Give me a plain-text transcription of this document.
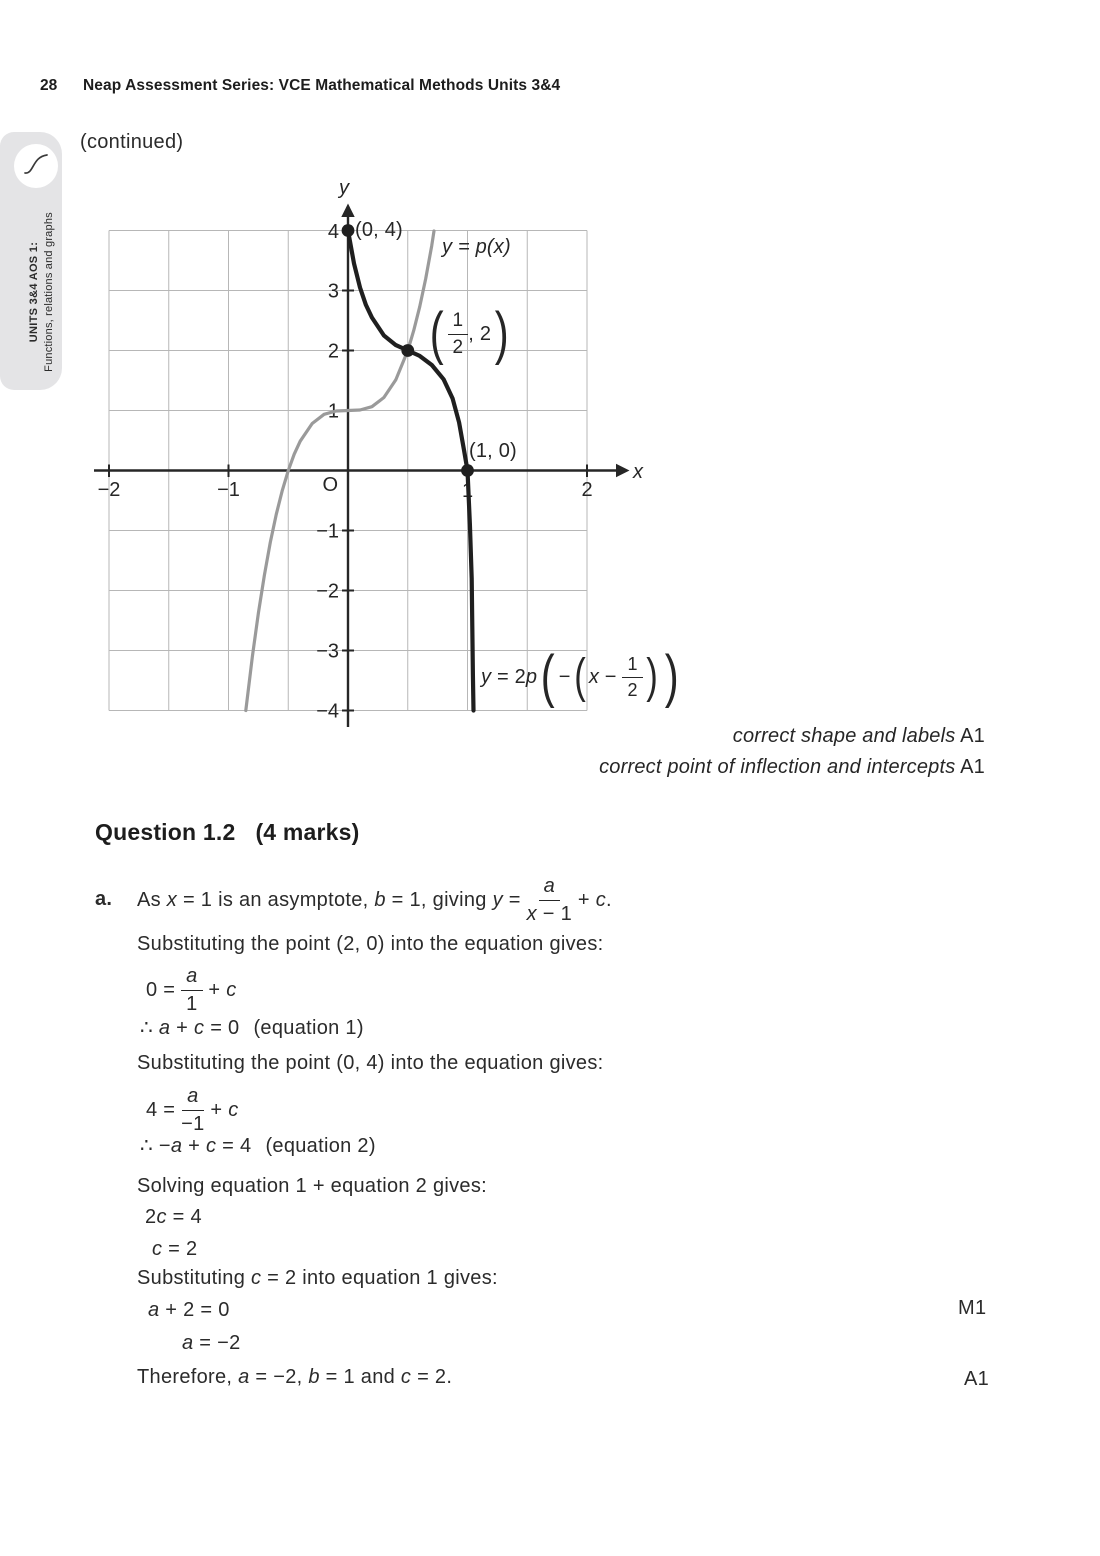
28 Neap Assessment Series: VCE Mathematical Methods Units 3&4
UNITS 3&4 AOS 1: Functions, relations and graphs
(continued)
4
3
2
1
−1
−2
−3
−4
O
−2	−1	1	2
x
y
(0, 4)
y = p(x)
( $\frac{1}{2}$ , 2 )
(1, 0)
y = 2 p ( − ( $x - \frac{1}{2}$ ) )
correct shape and labels A1
correct point of inflection and intercepts A1
Question 1.2 (4 marks)
a. As x = 1 is an asymptote, b = 1, giving $y = \frac{a}{x - 1} + c$.
Substituting the point (2, 0) into the equation gives:
$0 = \frac{a}{1} + c$
∴ a + c = 0 (equation 1)
Substituting the point (0, 4) into the equation gives:
$4 = \frac{a}{-1} + c$
∴ −a + c = 4 (equation 2)
Solving equation 1 + equation 2 gives:
2c = 4
c = 2
Substituting c = 2 into equation 1 gives:
a + 2 = 0	M1
a = −2
Therefore, a = −2, b = 1 and c = 2.	A1
